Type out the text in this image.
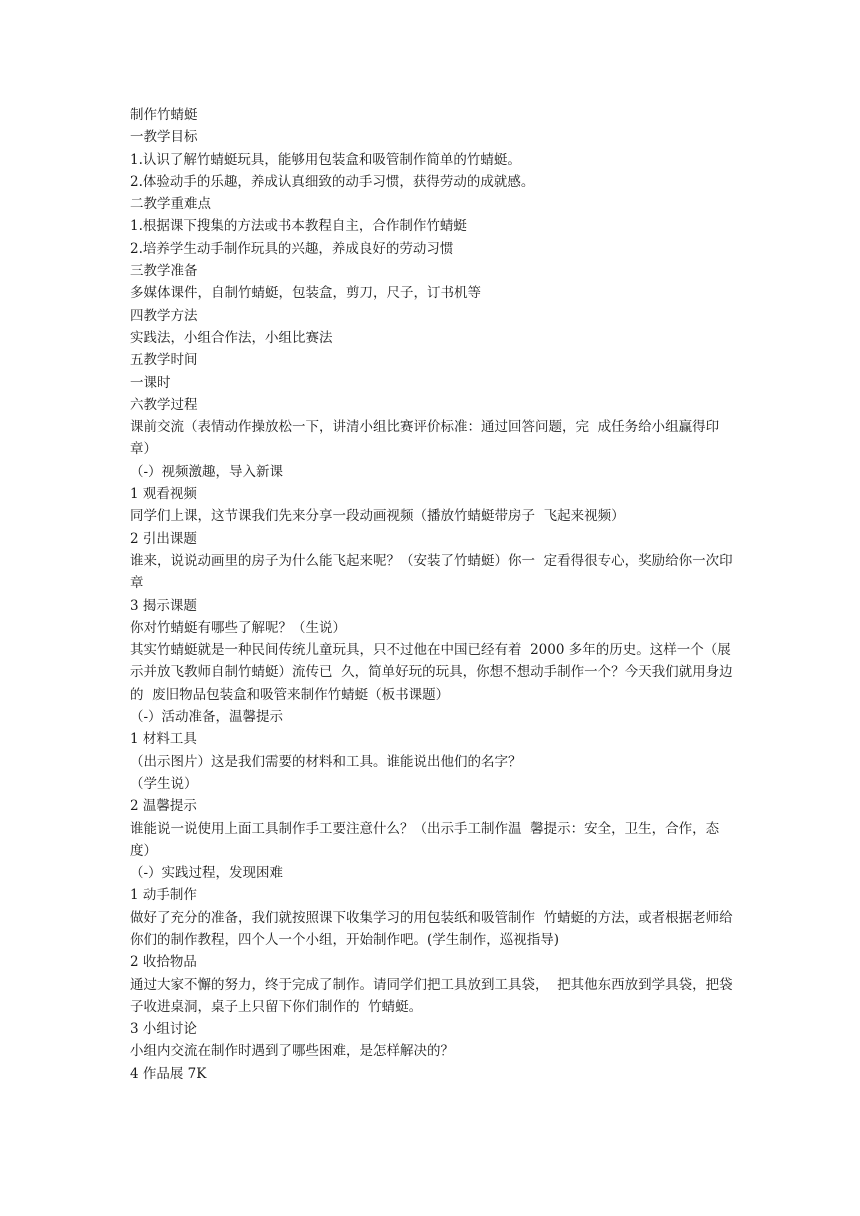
制作竹蜻蜓

一教学目标

1.认识了解竹蜻蜓玩具，能够用包装盒和吸管制作简单的竹蜻蜓。

2.体验动手的乐趣，养成认真细致的动手习惯，获得劳动的成就感。

二教学重难点

1.根据课下搜集的方法或书本教程自主，合作制作竹蜻蜓

2.培养学生动手制作玩具的兴趣，养成良好的劳动习惯

三教学准备

多媒体课件，自制竹蜻蜓，包装盒，剪刀，尺子，订书机等

四教学方法

实践法，小组合作法，小组比赛法

五教学时间

一课时

六教学过程

课前交流（表情动作操放松一下，讲清小组比赛评价标准：通过回答问题，完  成任务给小组赢得印章）

（-）视频激趣，导入新课

1 观看视频

同学们上课，这节课我们先来分享一段动画视频（播放竹蜻蜓带房子  飞起来视频）

2 引出课题

谁来，说说动画里的房子为什么能飞起来呢？（安装了竹蜻蜓）你一  定看得很专心，奖励给你一次印章

3 揭示课题

你对竹蜻蜓有哪些了解呢？（生说）

其实竹蜻蜓就是一种民间传统儿童玩具，只不过他在中国已经有着  2000 多年的历史。这样一个（展示并放飞教师自制竹蜻蜓）流传已  久，简单好玩的玩具，你想不想动手制作一个？今天我们就用身边的  废旧物品包装盒和吸管来制作竹蜻蜓（板书课题）

（-）活动准备，温馨提示

1 材料工具

（出示图片）这是我们需要的材料和工具。谁能说出他们的名字？

（学生说）

2 温馨提示

谁能说一说使用上面工具制作手工要注意什么？（出示手工制作温  馨提示：安全，卫生，合作，态度）

（-）实践过程，发现困难

1 动手制作

做好了充分的准备，我们就按照课下收集学习的用包装纸和吸管制作  竹蜻蜓的方法，或者根据老师给你们的制作教程，四个人一个小组，开始制作吧。(学生制作，巡视指导)

2 收拾物品

通过大家不懈的努力，终于完成了制作。请同学们把工具放到工具袋，  把其他东西放到学具袋，把袋子收进桌洞，桌子上只留下你们制作的  竹蜻蜓。

3 小组讨论

小组内交流在制作时遇到了哪些困难，是怎样解决的？

4 作品展 7K
